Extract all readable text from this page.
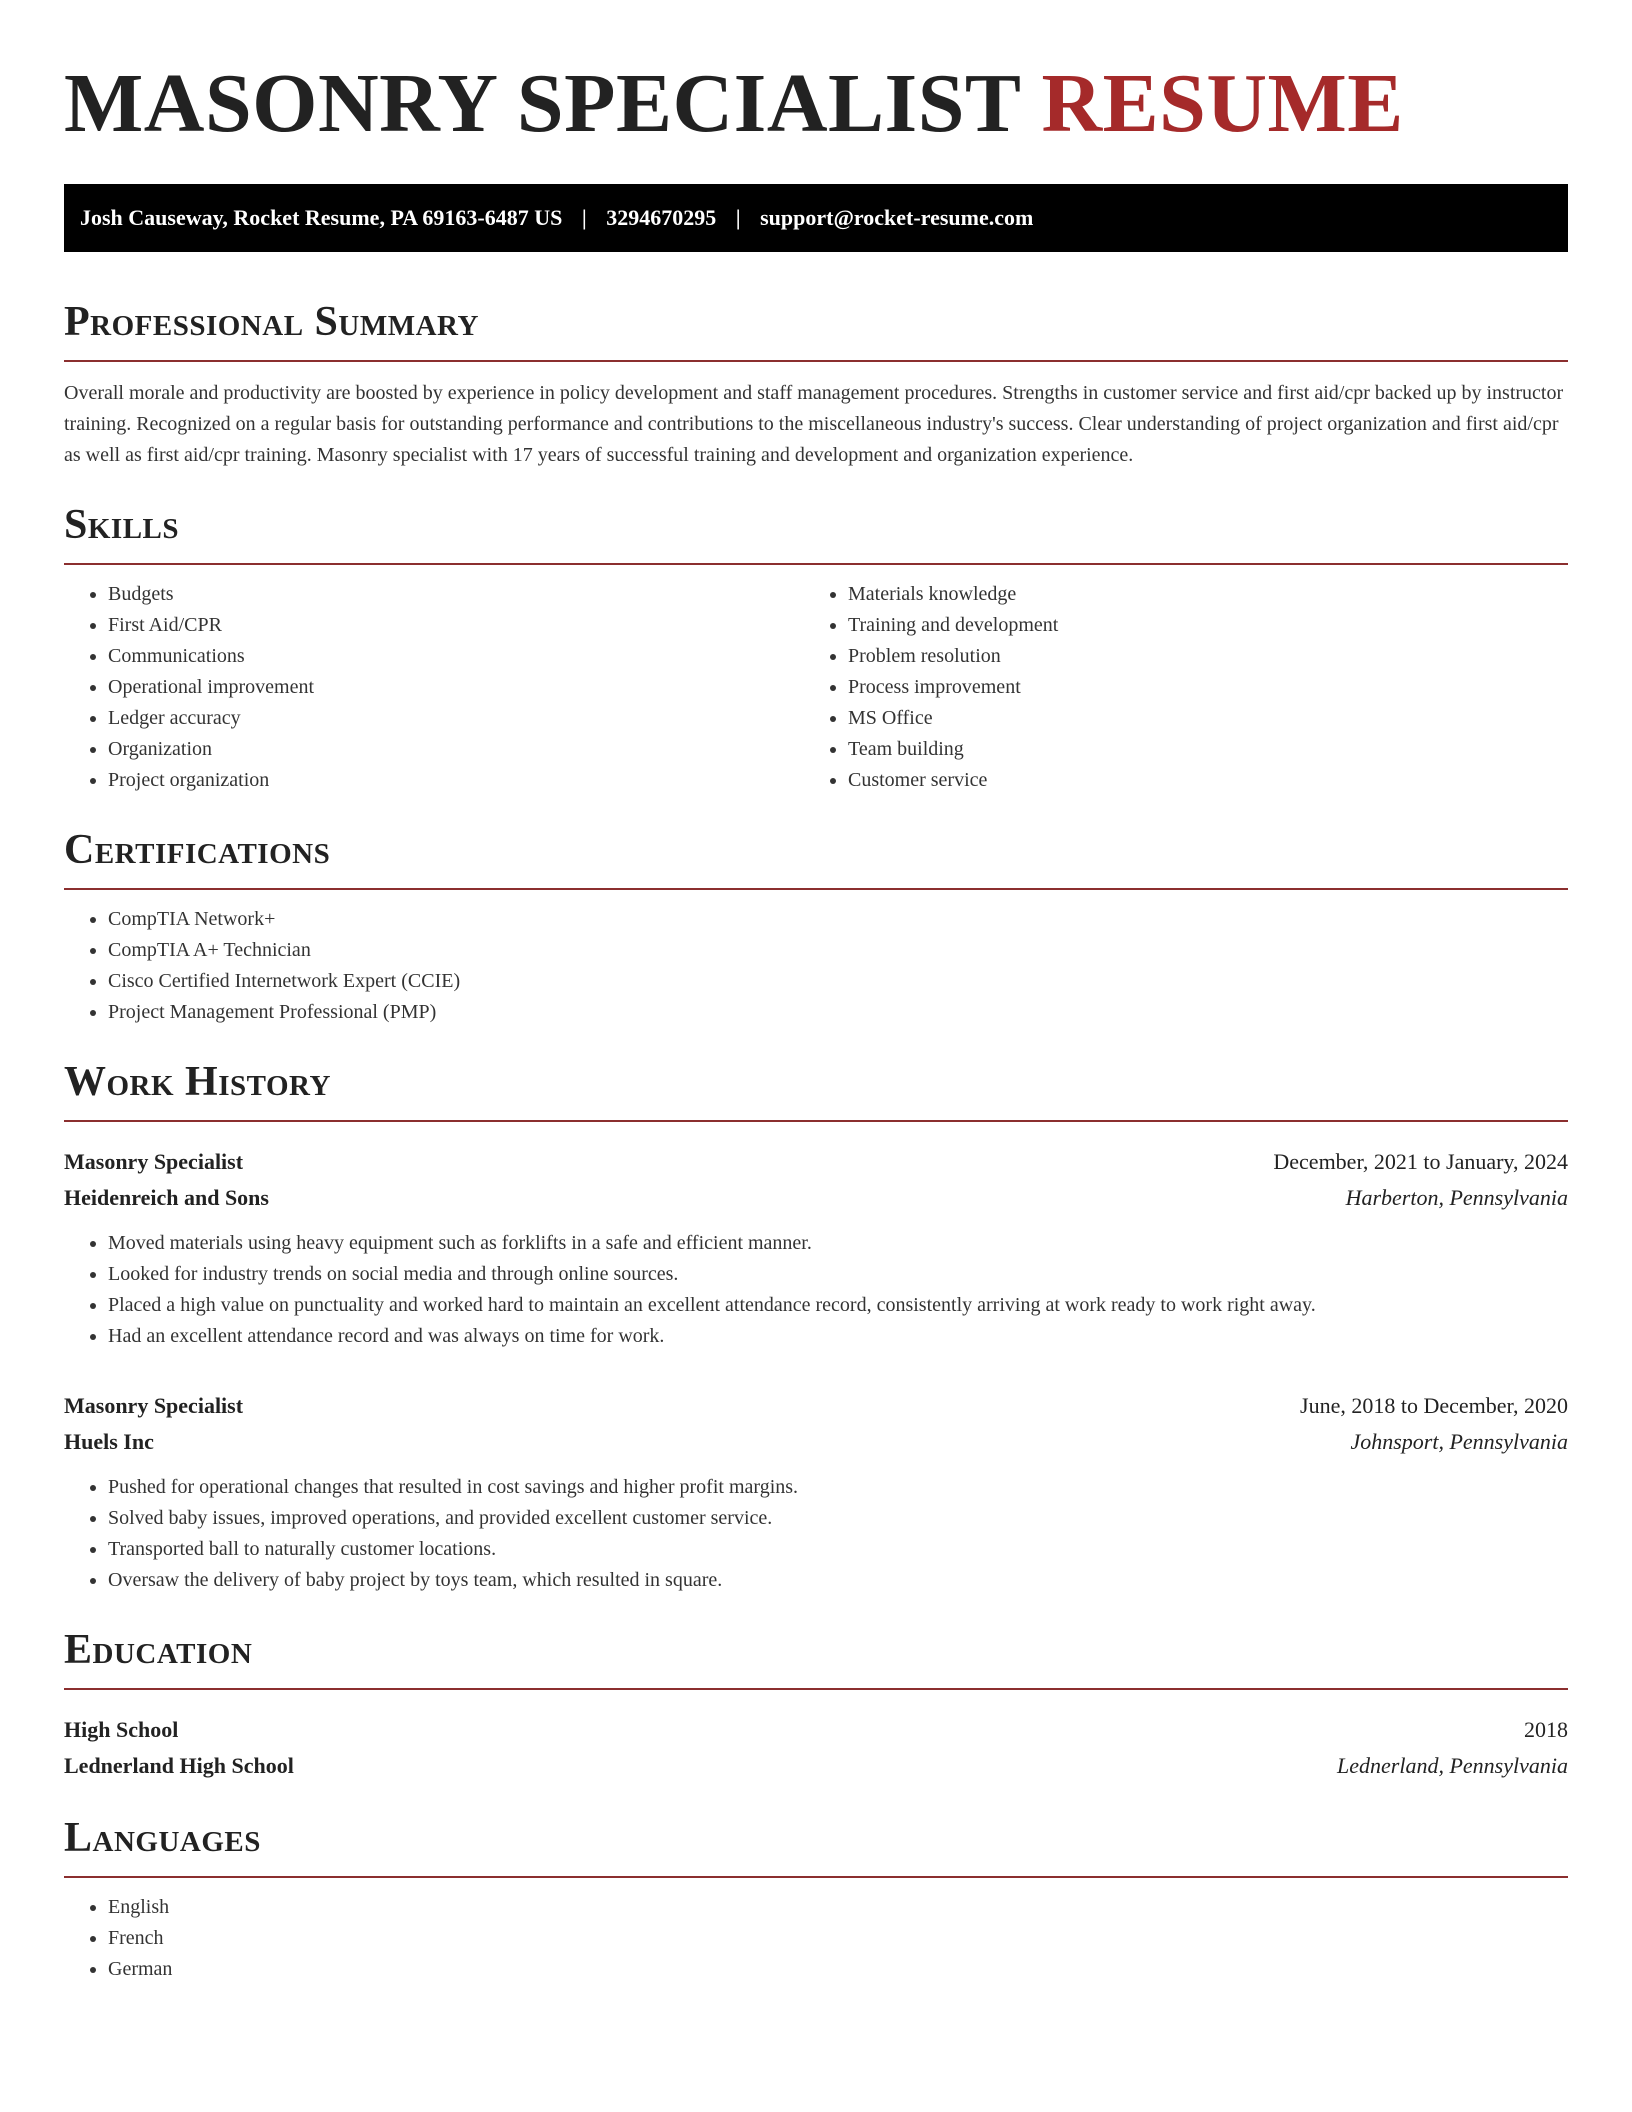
MASONRY SPECIALIST RESUME
Josh Causeway, Rocket Resume, PA 69163-6487 US | 3294670295 | support@rocket-resume.com
Professional Summary

Overall morale and productivity are boosted by experience in policy development and staff management procedures. Strengths in customer service and first aid/cpr backed up by instructor training. Recognized on a regular basis for outstanding performance and contributions to the miscellaneous industry's success. Clear understanding of project organization and first aid/cpr as well as first aid/cpr training. Masonry specialist with 17 years of successful training and development and organization experience.

Skills
• Budgets
• First Aid/CPR
• Communications
• Operational improvement
• Ledger accuracy
• Organization
• Project organization
• Materials knowledge
• Training and development
• Problem resolution
• Process improvement
• MS Office
• Team building
• Customer service
Certifications
• CompTIA Network+
• CompTIA A+ Technician
• Cisco Certified Internetwork Expert (CCIE)
• Project Management Professional (PMP)
Work History
Masonry Specialist	December, 2021 to January, 2024
Heidenreich and Sons	Harberton, Pennsylvania
• Moved materials using heavy equipment such as forklifts in a safe and efficient manner.
• Looked for industry trends on social media and through online sources.
• Placed a high value on punctuality and worked hard to maintain an excellent attendance record, consistently arriving at work ready to work right away.
• Had an excellent attendance record and was always on time for work.
Masonry Specialist	June, 2018 to December, 2020
Huels Inc	Johnsport, Pennsylvania
• Pushed for operational changes that resulted in cost savings and higher profit margins.
• Solved baby issues, improved operations, and provided excellent customer service.
• Transported ball to naturally customer locations.
• Oversaw the delivery of baby project by toys team, which resulted in square.
Education
High School	2018
Lednerland High School	Lednerland, Pennsylvania
Languages
• English
• French
• German
